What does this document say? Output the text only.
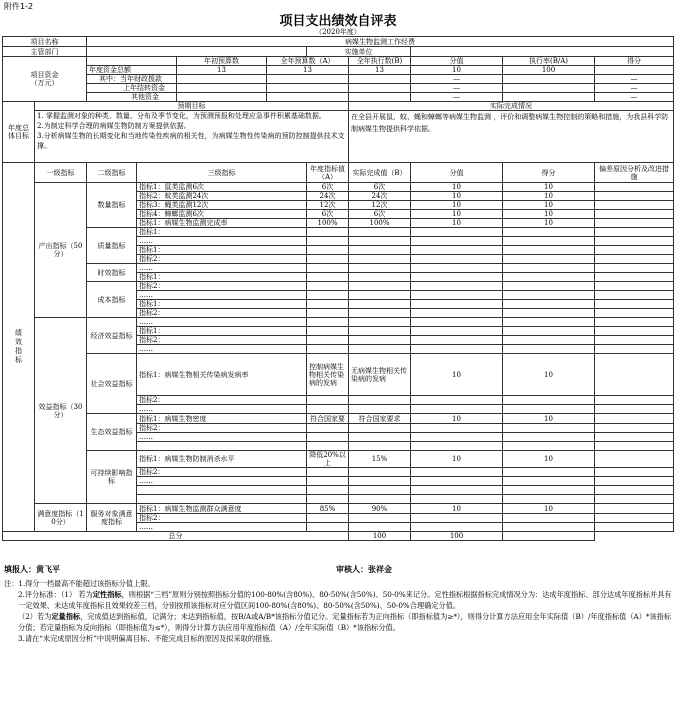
附件1-2
项目支出绩效自评表
（2020年度）
项目名称		病媒生物监测工作经费								
主管部门						实施单位				
项目资金
（万元）				年初预算数	全年预算数（A）		全年执行数(B)	分值	执行率(B/A)	得分
		年度资金总额		13	13		13	10	100	
		其中：当年财政拨款						—		—
		上年结转资金						—		—
		其他资金						—		—
年度总体目标	预期目标						实际完成情况			
	1. 掌握监测对象的种类、数量、分布及季节变化，为预测预报和处理应急事件积累基础数据。
2.为制定科学合理的病媒生物防制方案提供依据。
3.分析病媒生物的长期变化和当地传染性疾病的相关性，为病媒生物性传染病的预防控制提供技术支撑。						在全县开展鼠、蚊、蝇和蟑螂等病媒生物监测 ，评价和调整病媒生物控制的策略和措施，为我县科学防制病媒生物提供科学依据。			
绩效指标	一级指标	二级指标	三级指标			年度指标值（A）	实际完成值（B）	分值	得分	偏差原因分析及改进措施
	产出指标（50分）	数量指标	指标1：鼠类监测6次			6次	6次	10	10	
			指标2：蚊类监测24次			24次	24次	10	10	
			指标3：蝇类监测12次			12次	12次	10	10	
			指标4：蟑螂监测6次			6次	6次	10	10	
			指标1：病媒生物监测完成率			100%	100%	10	10	
		质量指标	指标1：							
			……							
			指标1：							
			指标2：							
		时效指标	……							
			指标1：							
		成本指标	指标2：							
			……							
			指标1：							
			指标2：							
	效益指标（30分）	经济效益指标	……							
			指标1：							
			指标2：							
			……							
		社会效益指标	指标1：病媒生物相关传染病发病率			控制病媒生物相关传染病的发病	无病媒生物相关传染病的发病	10	10	
			指标2：							
			……							
		生态效益指标	指标1：病媒生物密度			符合国家要	符合国家要求	10	10	
			指标2：							
			……							

		可持续影响指标	指标1：病媒生物防制消杀水平			降低20%以上	15%	10	10	
			指标2：							
			……							

	满意度指标（10分）	服务对象满意度指标	指标1：病媒生物监测群众满意度			85%	90%	10	10	
			指标2：							
			……							
总分							100	100		
填报人：黄飞平	审核人：张祥金

注：1.得分一档最高不能超过该指标分值上限。

2.评分标准：（1） 若为定性指标，则根据“三档”原则分别按照指标分值的100-80%(含80%)、80-50%(含50%)、50-0%来记分。定性指标根据指标完成情况分为：达成年度指标、部分达成年度指标并具有一定效果、未达成年度指标且效果较差三档，分别按照该指标对应分值区间100-80%(含80%)、80-50%(含50%)、50-0%合理确定分值。

（2）若为定量指标，完成值达到指标值，记满分；未达到指标值，按B/A或A/B*该指标分值记分。定量指标若为正向指标（即指标值为≥*），则得分计算方法应用全年实际值（B）/年度指标值（A）*该指标分值；若定量指标为反向指标（即指标值为≤*），则得分计算方法应用年度指标值（A）/全年实际值（B）*该指标分值。

3.请在“未完成原因分析”中说明偏离目标、不能完成目标的原因及拟采取的措施。
